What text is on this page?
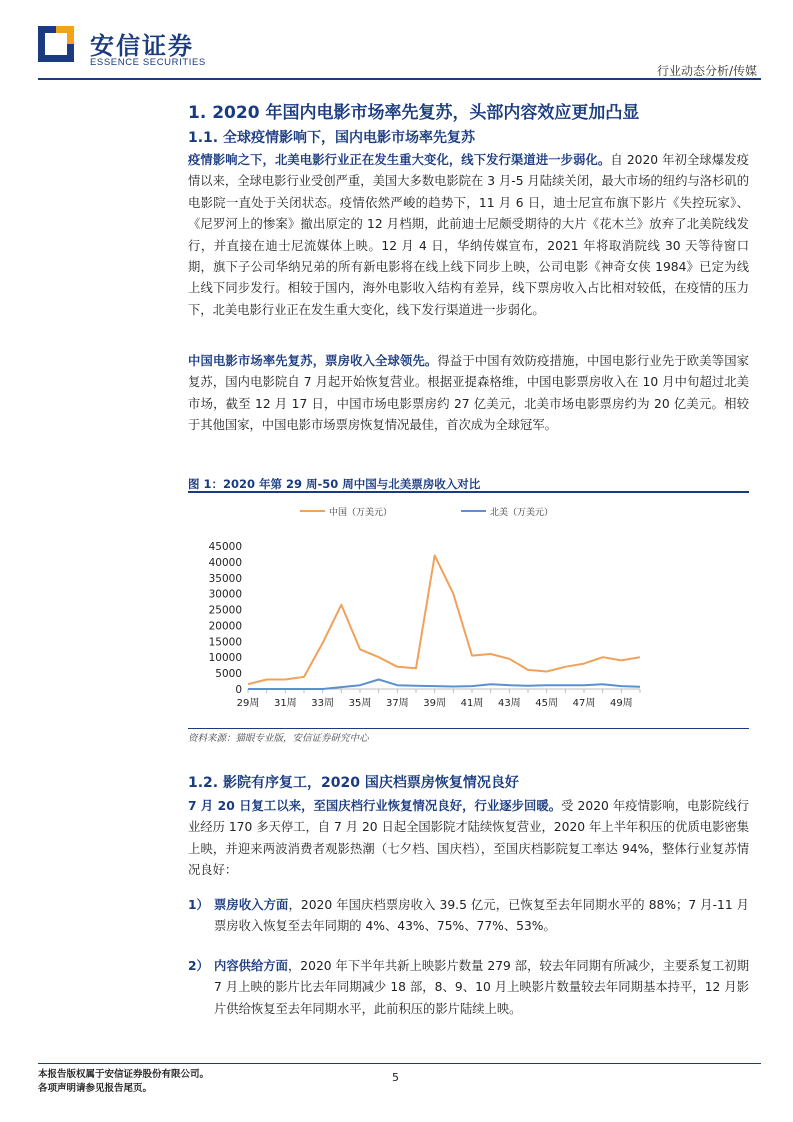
安信证券
ESSENCE SECURITIES
行业动态分析/传媒
1. 2020 年国内电影市场率先复苏，头部内容效应更加凸显
1.1. 全球疫情影响下，国内电影市场率先复苏
疫情影响之下，北美电影行业正在发生重大变化，线下发行渠道进一步弱化。自 2020 年初全球爆发疫情以来，全球电影行业受创严重，美国大多数电影院在 3 月-5 月陆续关闭，最大市场的纽约与洛杉矶的电影院一直处于关闭状态。疫情依然严峻的趋势下，11 月 6 日，迪士尼宣布旗下影片《失控玩家》、《尼罗河上的惨案》撤出原定的 12 月档期，此前迪士尼颇受期待的大片《花木兰》放弃了北美院线发行，并直接在迪士尼流媒体上映。12 月 4 日，华纳传媒宣布，2021 年将取消院线 30 天等待窗口期，旗下子公司华纳兄弟的所有新电影将在线上线下同步上映，公司电影《神奇女侠 1984》已定为线上线下同步发行。相较于国内，海外电影收入结构有差异，线下票房收入占比相对较低，在疫情的压力下，北美电影行业正在发生重大变化，线下发行渠道进一步弱化。
中国电影市场率先复苏，票房收入全球领先。得益于中国有效防疫措施，中国电影行业先于欧美等国家复苏，国内电影院自 7 月起开始恢复营业。根据亚提森格维，中国电影票房收入在 10 月中旬超过北美市场，截至 12 月 17 日，中国市场电影票房约 27 亿美元，北美市场电影票房约为 20 亿美元。相较于其他国家，中国电影市场票房恢复情况最佳，首次成为全球冠军。
图 1：2020 年第 29 周-50 周中国与北美票房收入对比
中国（万美元）	北美（万美元）
0
5000
10000
15000
20000
25000
30000
35000
40000
45000
29周 31周 33周 35周 37周 39周 41周 43周 45周 47周 49周
资料来源：猫眼专业版，安信证券研究中心
1.2. 影院有序复工，2020 国庆档票房恢复情况良好
7 月 20 日复工以来，至国庆档行业恢复情况良好，行业逐步回暖。受 2020 年疫情影响，电影院线行业经历 170 多天停工，自 7 月 20 日起全国影院才陆续恢复营业，2020 年上半年积压的优质电影密集上映，并迎来两波消费者观影热潮（七夕档、国庆档），至国庆档影院复工率达 94%，整体行业复苏情况良好：
1） 票房收入方面，2020 年国庆档票房收入 39.5 亿元，已恢复至去年同期水平的 88%；7 月-11 月票房收入恢复至去年同期的 4%、43%、75%、77%、53%。
2） 内容供给方面，2020 年下半年共新上映影片数量 279 部，较去年同期有所减少，主要系复工初期 7 月上映的影片比去年同期减少 18 部，8、9、10 月上映影片数量较去年同期基本持平，12 月影片供给恢复至去年同期水平，此前积压的影片陆续上映。
本报告版权属于安信证券股份有限公司。
各项声明请参见报告尾页。
5
